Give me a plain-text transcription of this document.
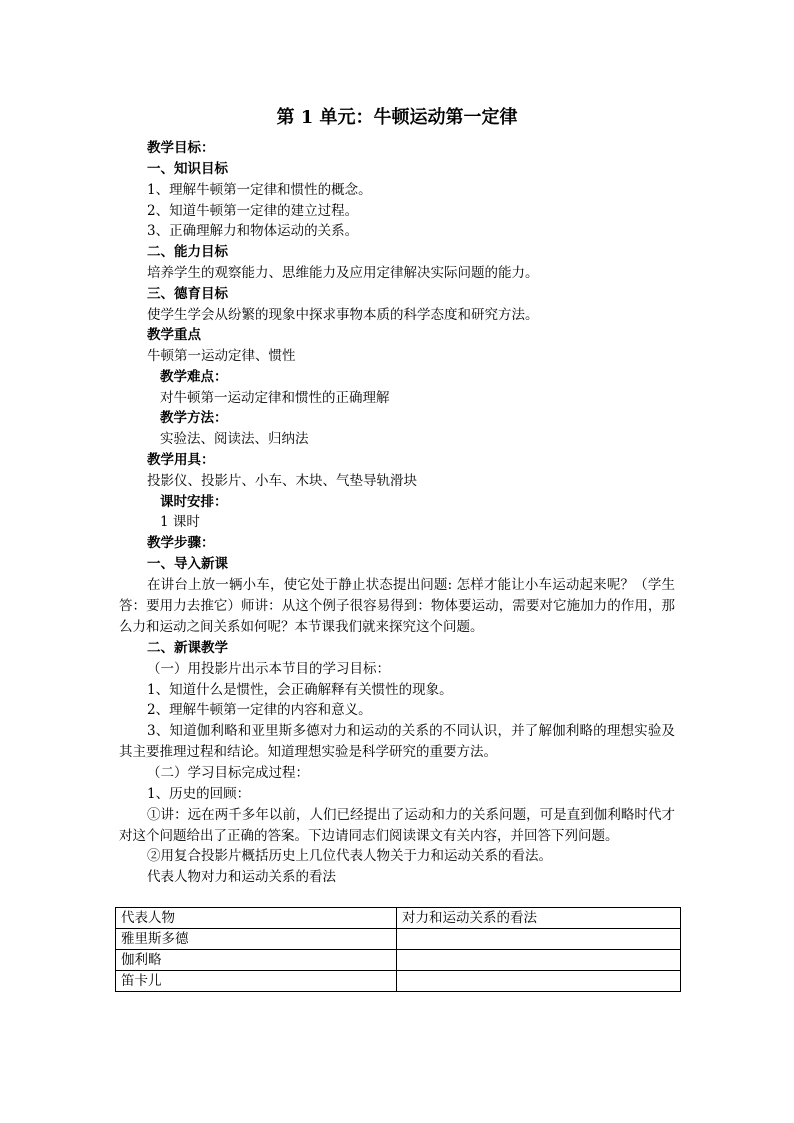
第 1 单元：牛顿运动第一定律
教学目标：
一、知识目标
1、理解牛顿第一定律和惯性的概念。
2、知道牛顿第一定律的建立过程。
3、正确理解力和物体运动的关系。
二、能力目标
培养学生的观察能力、思维能力及应用定律解决实际问题的能力。
三、德育目标
使学生学会从纷繁的现象中探求事物本质的科学态度和研究方法。
教学重点
牛顿第一运动定律、惯性
教学难点：
对牛顿第一运动定律和惯性的正确理解
教学方法：
实验法、阅读法、归纳法
教学用具：
投影仪、投影片、小车、木块、气垫导轨滑块
课时安排：
1 课时
教学步骤：
一、导入新课
在讲台上放一辆小车，使它处于静止状态提出问题: 怎样才能让小车运动起来呢？（学生答：要用力去推它）师讲：从这个例子很容易得到：物体要运动，需要对它施加力的作用，那么力和运动之间关系如何呢？本节课我们就来探究这个问题。
二、新课教学
（一）用投影片出示本节目的学习目标：
1、知道什么是惯性，会正确解释有关惯性的现象。
2、理解牛顿第一定律的内容和意义。
3、知道伽利略和亚里斯多德对力和运动的关系的不同认识，并了解伽利略的理想实验及其主要推理过程和结论。知道理想实验是科学研究的重要方法。
（二）学习目标完成过程：
1、历史的回顾：
①讲：远在两千多年以前，人们已经提出了运动和力的关系问题，可是直到伽利略时代才对这个问题给出了正确的答案。下边请同志们阅读课文有关内容，并回答下列问题。
②用复合投影片概括历史上几位代表人物关于力和运动关系的看法。
代表人物对力和运动关系的看法
代表人物	对力和运动关系的看法
雅里斯多德	
伽利略	
笛卡儿	
